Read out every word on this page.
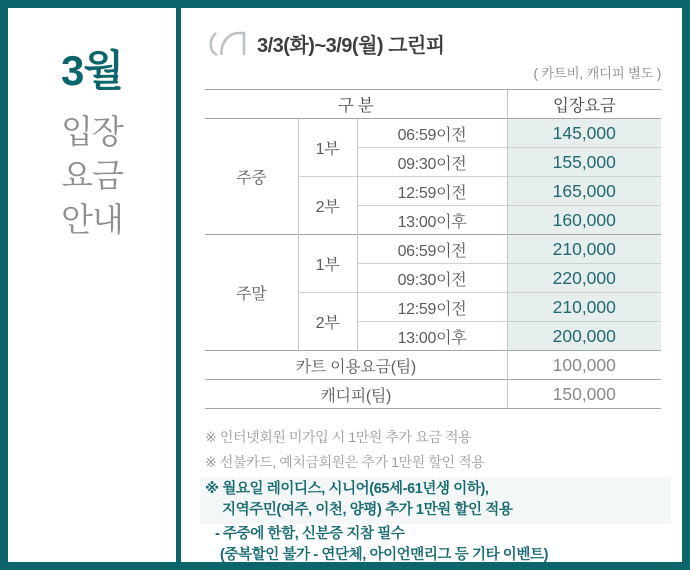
3월
입장
요금
안내
3/3(화)~3/9(월) 그린피
( 카트비, 캐디피 별도 )
구 분			입장요금
주중	1부	06:59이전	145,000
		09:30이전	155,000
	2부	12:59이전	165,000
		13:00이후	160,000
주말	1부	06:59이전	210,000
		09:30이전	220,000
	2부	12:59이전	210,000
		13:00이후	200,000
카트 이용요금(팀)			100,000
캐디피(팀)			150,000
※ 인터넷회원 미가입 시 1만원 추가 요금 적용
※ 선불카드, 예치금회원은 추가 1만원 할인 적용
※ 월요일 레이디스, 시니어(65세-61년생 이하),
지역주민(여주, 이천, 양평) 추가 1만원 할인 적용
- 주중에 한함, 신분증 지참 필수
(중복할인 불가 - 연단체, 아이언맨리그 등 기타 이벤트)
